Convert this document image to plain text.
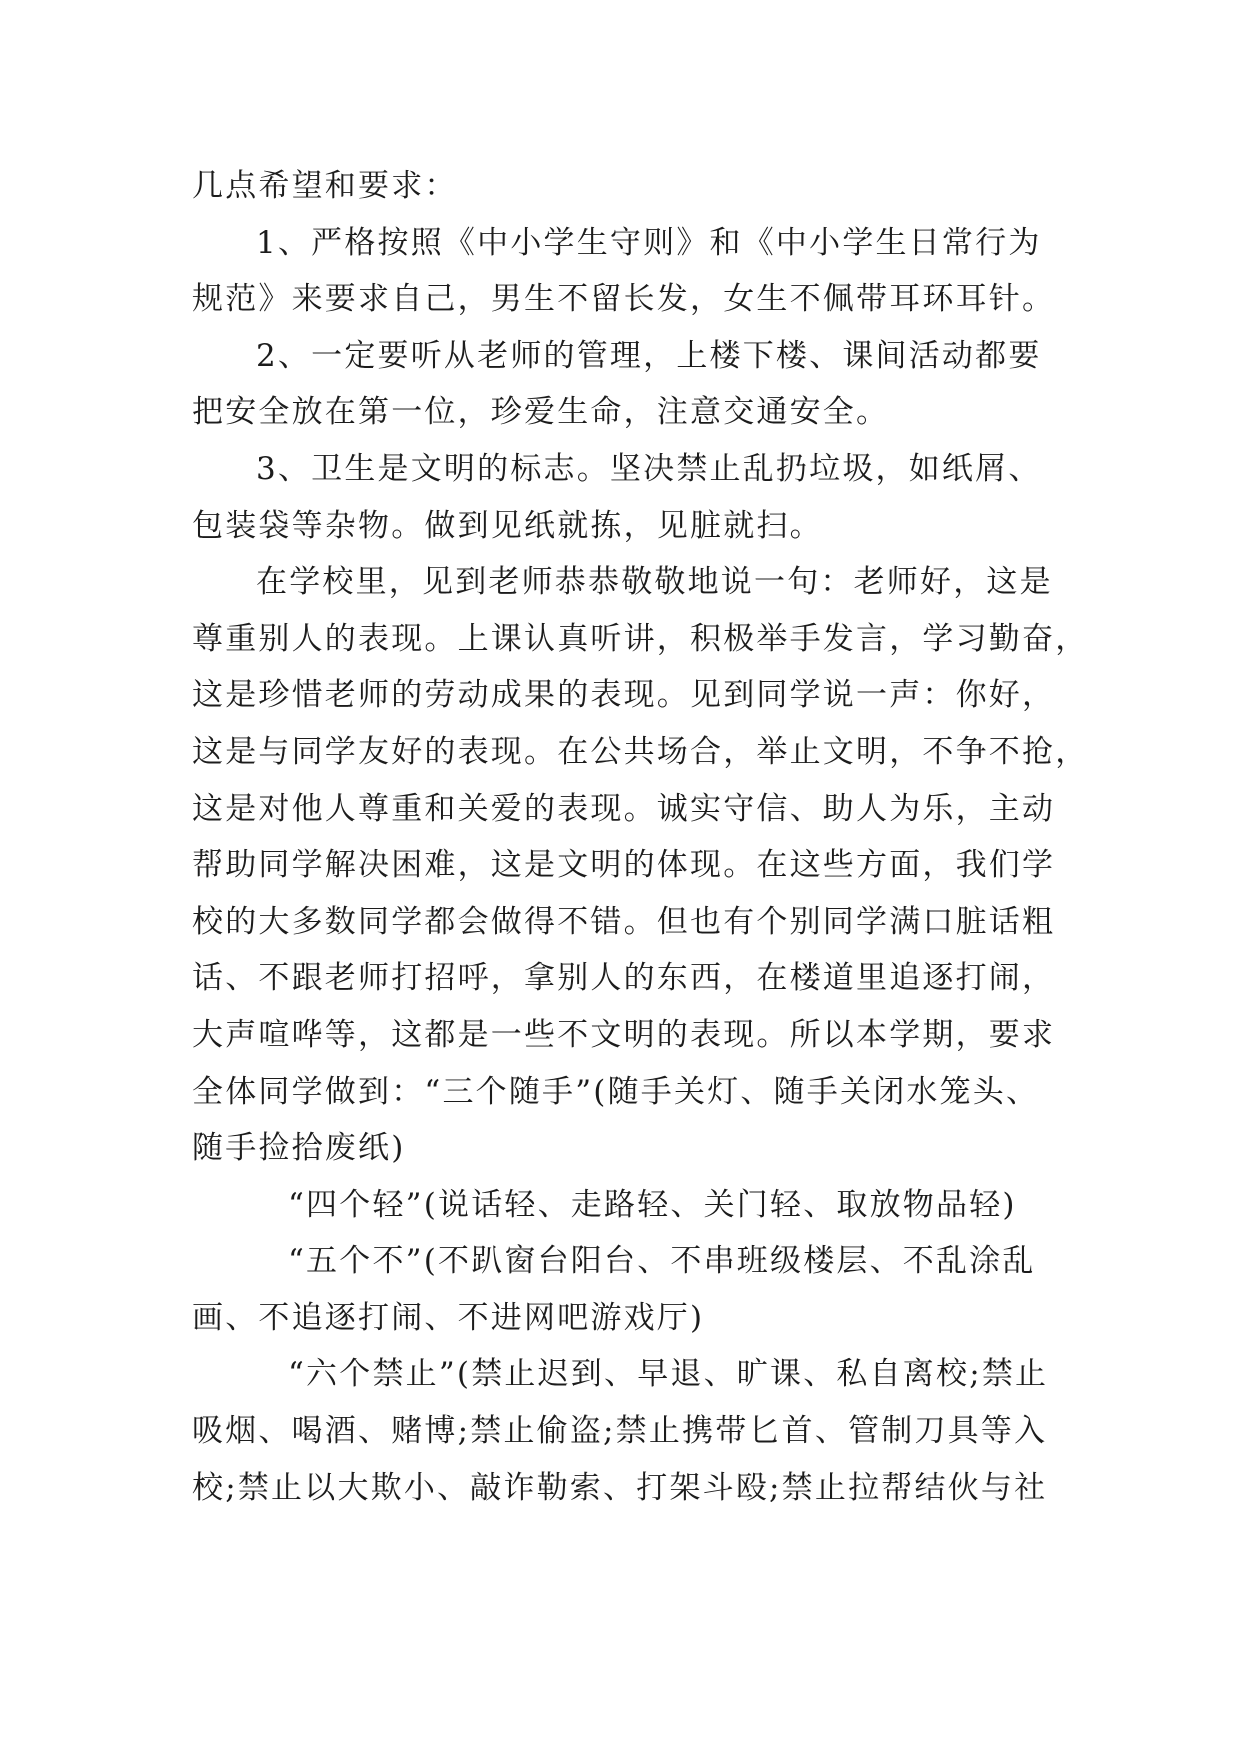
几点希望和要求：
1、严格按照《中小学生守则》和《中小学生日常行为
规范》来要求自己，男生不留长发，女生不佩带耳环耳针。
2、一定要听从老师的管理，上楼下楼、课间活动都要
把安全放在第一位，珍爱生命，注意交通安全。
3、卫生是文明的标志。坚决禁止乱扔垃圾，如纸屑、
包装袋等杂物。做到见纸就拣，见脏就扫。
在学校里，见到老师恭恭敬敬地说一句：老师好，这是
尊重别人的表现。上课认真听讲，积极举手发言，学习勤奋，
这是珍惜老师的劳动成果的表现。见到同学说一声：你好，
这是与同学友好的表现。在公共场合，举止文明，不争不抢，
这是对他人尊重和关爱的表现。诚实守信、助人为乐，主动
帮助同学解决困难，这是文明的体现。在这些方面，我们学
校的大多数同学都会做得不错。但也有个别同学满口脏话粗
话、不跟老师打招呼，拿别人的东西，在楼道里追逐打闹，
大声喧哗等，这都是一些不文明的表现。所以本学期，要求
全体同学做到：“三个随手”(随手关灯、随手关闭水笼头、
随手捡拾废纸)
“四个轻”(说话轻、走路轻、关门轻、取放物品轻)
“五个不”(不趴窗台阳台、不串班级楼层、不乱涂乱
画、不追逐打闹、不进网吧游戏厅)
“六个禁止”(禁止迟到、早退、旷课、私自离校;禁止
吸烟、喝酒、赌博;禁止偷盗;禁止携带匕首、管制刀具等入
校;禁止以大欺小、敲诈勒索、打架斗殴;禁止拉帮结伙与社
